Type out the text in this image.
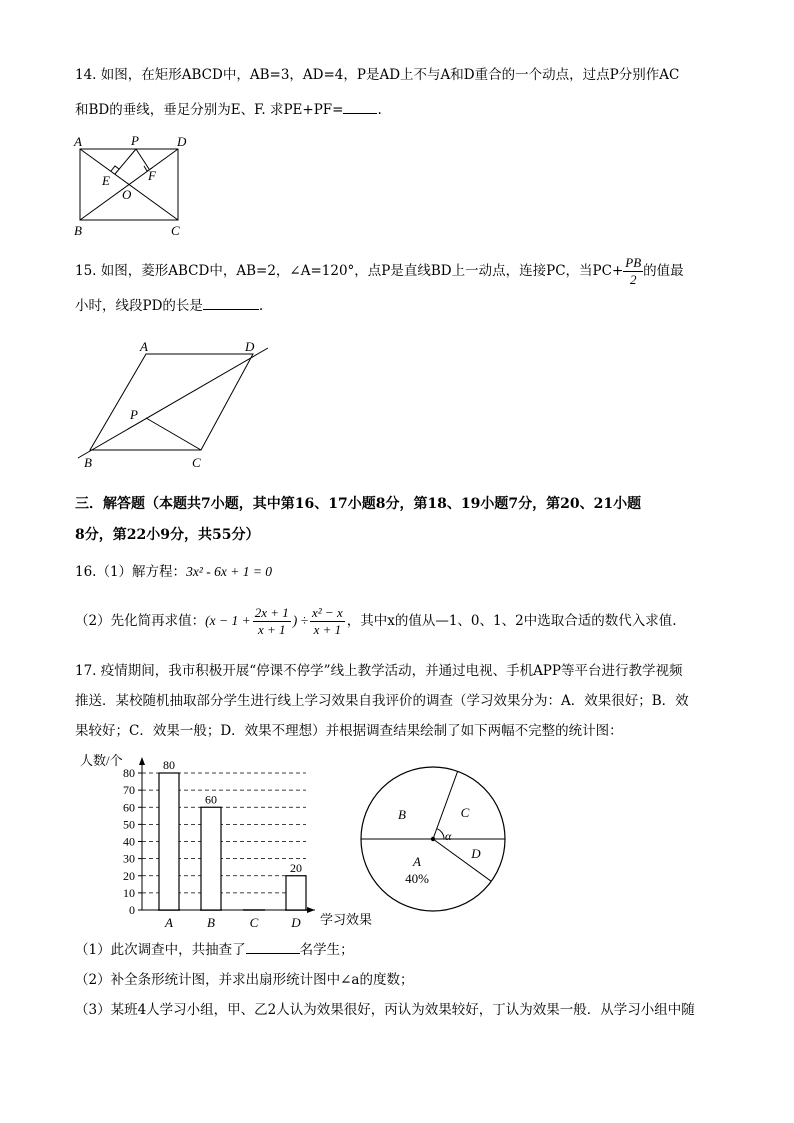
14. 如图，在矩形ABCD中，AB=3，AD=4，P是AD上不与A和D重合的一个动点，过点P分别作AC
和BD的垂线，垂足分别为E、F. 求PE+PF=	.
A	P	D
E	F
O
B	C
15. 如图，菱形ABCD中，AB=2，∠A=120°，点P是直线BD上一动点，连接PC，当$PC+ \frac{PB}{2}$ 的值最
小时，线段PD的长是	.
A	D
P
B	C
三．解答题（本题共7小题，其中第16、17小题8分，第18、19小题7分，第20、21小题
8分，第22小9分，共55分）
16.（1）解方程：3x² - 6x + 1 = 0
（2）先化简再求值：($x - 1 + \frac{2x + 1}{x + 1}$ ) ÷ $\frac{\text{x² − x}}{x + 1}$ ，其中x的值从—1、0、1、2中选取合适的数代入求值.
17. 疫情期间，我市积极开展“停课不停学”线上教学活动，并通过电视、手机APP等平台进行教学视频
推送．某校随机抽取部分学生进行线上学习效果自我评价的调查（学习效果分为：A．效果很好；B．效
果较好；C．效果一般；D．效果不理想）并根据调查结果绘制了如下两幅不完整的统计图：
人数/个
学习效果
0
10
20
30
40
50
60
70
80
A
80
B
60
C	D
20
α
A
40%
B	C
D
（1）此次调查中，共抽查了	名学生；
（2）补全条形统计图，并求出扇形统计图中∠a的度数；
（3）某班4人学习小组，甲、乙2人认为效果很好，丙认为效果较好，丁认为效果一般．从学习小组中随
